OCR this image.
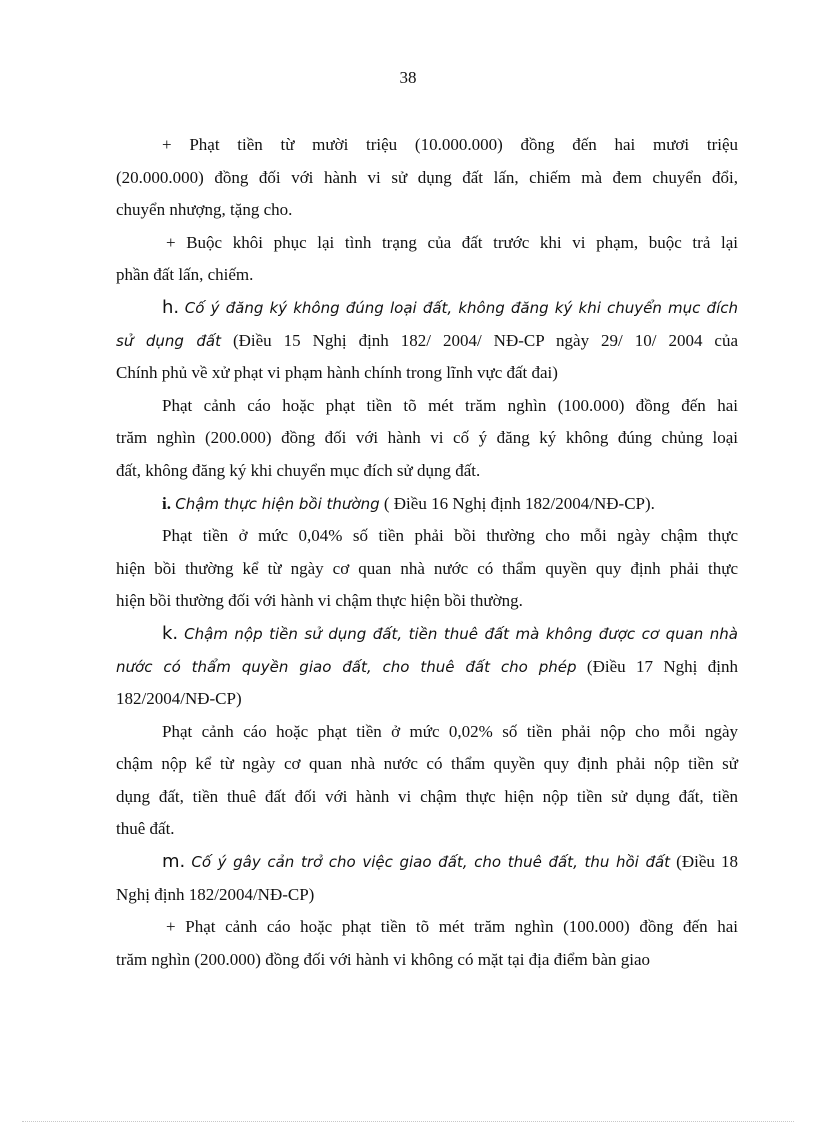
38

+ Phạt tiền từ mười triệu (10.000.000) đồng đến hai mươi triệu

(20.000.000) đồng đối với hành vi sử dụng đất lấn, chiếm mà đem chuyển đổi,

chuyển nhượng, tặng cho.

+ Buộc khôi phục lại tình trạng của đất trước khi vi phạm, buộc trả lại

phần đất lấn, chiếm.

h. Cố ý đăng ký không đúng loại đất, không đăng ký khi chuyển mục đích

sử dụng đất (Điều 15 Nghị định 182/ 2004/ NĐ-CP ngày 29/ 10/ 2004 của

Chính phủ về xử phạt vi phạm hành chính trong lĩnh vực đất đai)

Phạt cảnh cáo hoặc phạt tiền tõ mét trăm nghìn (100.000) đồng đến hai

trăm nghìn (200.000) đồng đối với hành vi cố ý đăng ký không đúng chủng loại

đất, không đăng ký khi chuyển mục đích sử dụng đất.

i. Chậm thực hiện bồi thường ( Điều 16 Nghị định 182/2004/NĐ-CP).

Phạt tiền ở mức 0,04% số tiền phải bồi thường cho mỗi ngày chậm thực

hiện bồi thường kể từ ngày cơ quan nhà nước có thẩm quyền quy định phải thực

hiện bồi thường đối với hành vi chậm thực hiện bồi thường.

k. Chậm nộp tiền sử dụng đất, tiền thuê đất mà không được cơ quan nhà

nước có thẩm quyền giao đất, cho thuê đất cho phép (Điều 17 Nghị định

182/2004/NĐ-CP)

Phạt cảnh cáo hoặc phạt tiền ở mức 0,02% số tiền phải nộp cho mỗi ngày

chậm nộp kể từ ngày cơ quan nhà nước có thẩm quyền quy định phải nộp tiền sử

dụng đất, tiền thuê đất đối với hành vi chậm thực hiện nộp tiền sử dụng đất, tiền

thuê đất.

m. Cố ý gây cản trở cho việc giao đất, cho thuê đất, thu hồi đất (Điều 18

Nghị định 182/2004/NĐ-CP)

+ Phạt cảnh cáo hoặc phạt tiền tõ mét trăm nghìn (100.000) đồng đến hai

trăm nghìn (200.000) đồng đối với hành vi không có mặt tại địa điểm bàn giao
